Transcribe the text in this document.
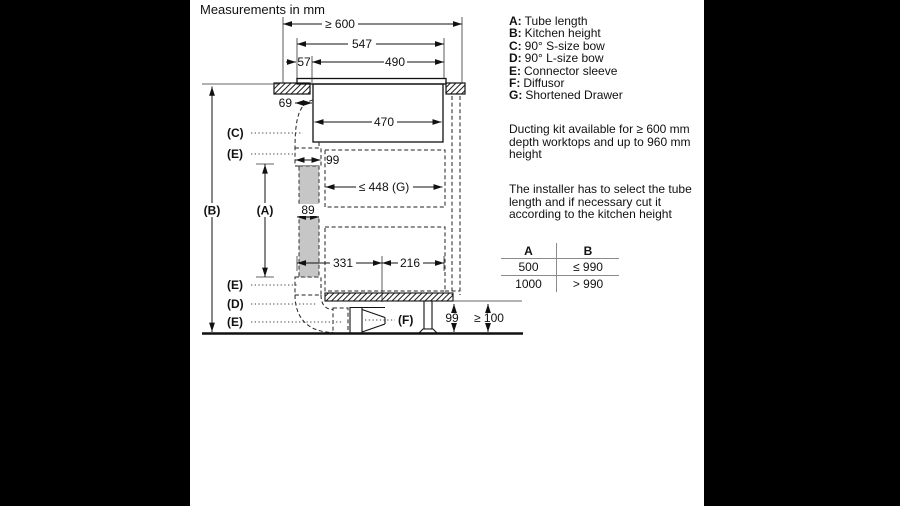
Measurements in mm
≥ 600
547
57	490
69
470
99
≤ 448 (G)
89
331	216
99 ≥ 100
(B)	(A)
(C)
(E)
(E)
(D)
(E)	(F)
A: Tube length
B: Kitchen height
C: 90° S-size bow
D: 90° L-size bow
E: Connector sleeve
F: Diffusor
G: Shortened Drawer
Ducting kit available for ≥ 600 mm
depth worktops and up to 960 mm
height
The installer has to select the tube
length and if necessary cut it
according to the kitchen height
A	B
500	≤ 990
1000	> 990
